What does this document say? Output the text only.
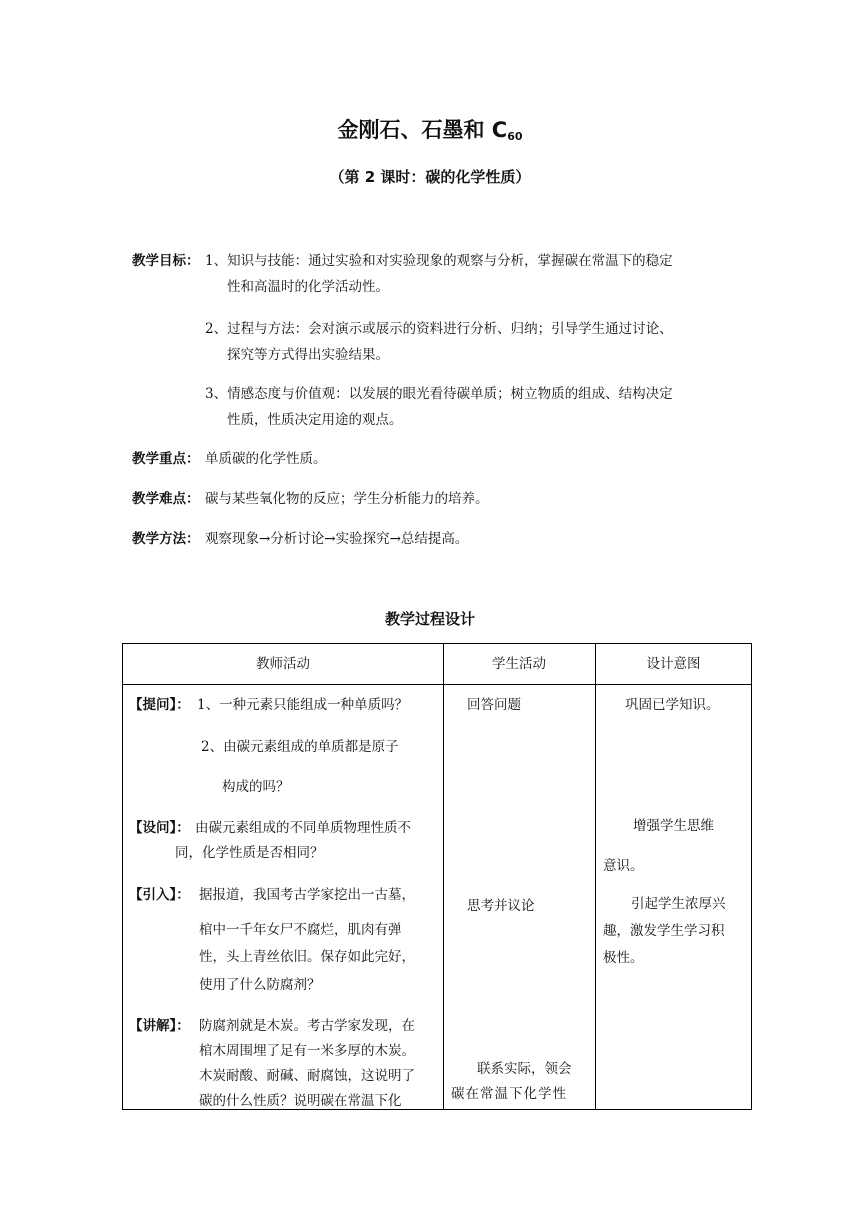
金刚石、石墨和 $C_{60}$
（第 2 课时：碳的化学性质）
教学目标： 1、知识与技能：通过实验和对实验现象的观察与分析，掌握碳在常温下的稳定
性和高温时的化学活动性。
2、过程与方法：会对演示或展示的资料进行分析、归纳；引导学生通过讨论、
探究等方式得出实验结果。
3、情感态度与价值观：以发展的眼光看待碳单质；树立物质的组成、结构决定
性质，性质决定用途的观点。
教学重点： 单质碳的化学性质。
教学难点： 碳与某些氧化物的反应；学生分析能力的培养。
教学方法： 观察现象→分析讨论→实验探究→总结提高。
教学过程设计
教师活动	学生活动	设计意图
【提问】： 1、一种元素只能组成一种单质吗？
2、由碳元素组成的单质都是原子
构成的吗？
【设问】： 由碳元素组成的不同单质物理性质不
同，化学性质是否相同？
【引入】： 据报道，我国考古学家挖出一古墓，
棺中一千年女尸不腐烂，肌肉有弹
性，头上青丝依旧。保存如此完好，
使用了什么防腐剂？
【讲解】： 防腐剂就是木炭。考古学家发现，在
棺木周围埋了足有一米多厚的木炭。
木炭耐酸、耐碱、耐腐蚀，这说明了
碳的什么性质？说明碳在常温下化
回答问题
思考并议论
联系实际，领会
碳在常温下化学性
巩固已学知识。
增强学生思维
意识。
引起学生浓厚兴
趣，激发学生学习积
极性。
